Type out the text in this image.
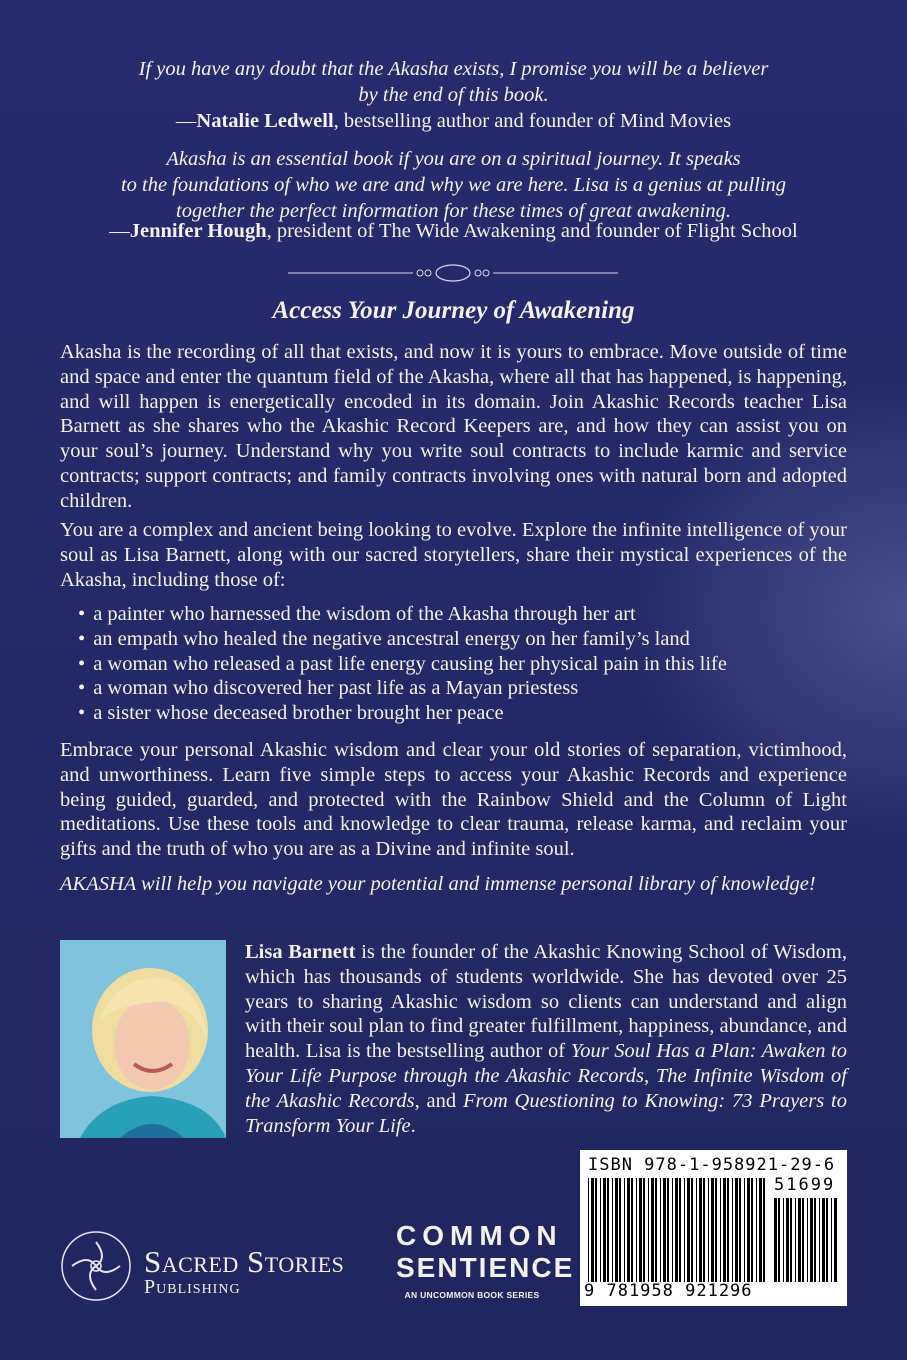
If you have any doubt that the Akasha exists, I promise you will be a believer
by the end of this book.
—Natalie Ledwell, bestselling author and founder of Mind Movies
Akasha is an essential book if you are on a spiritual journey. It speaks
to the foundations of who we are and why we are here. Lisa is a genius at pulling
together the perfect information for these times of great awakening.
—Jennifer Hough, president of The Wide Awakening and founder of Flight School
Access Your Journey of Awakening
Akasha is the recording of all that exists, and now it is yours to embrace. Move outside of time and space and enter the quantum field of the Akasha, where all that has happened, is happening, and will happen is energetically encoded in its domain. Join Akashic Records teacher Lisa Barnett as she shares who the Akashic Record Keepers are, and how they can assist you on your soul’s journey. Understand why you write soul contracts to include karmic and service contracts; support contracts; and family contracts involving ones with natural born and adopted children.
You are a complex and ancient being looking to evolve. Explore the infinite intelligence of your soul as Lisa Barnett, along with our sacred storytellers, share their mystical experiences of the Akasha, including those of:
• a painter who harnessed the wisdom of the Akasha through her art
• an empath who healed the negative ancestral energy on her family’s land
• a woman who released a past life energy causing her physical pain in this life
• a woman who discovered her past life as a Mayan priestess
• a sister whose deceased brother brought her peace
Embrace your personal Akashic wisdom and clear your old stories of separation, victimhood, and unworthiness. Learn five simple steps to access your Akashic Records and experience being guided, guarded, and protected with the Rainbow Shield and the Column of Light meditations. Use these tools and knowledge to clear trauma, release karma, and reclaim your gifts and the truth of who you are as a Divine and infinite soul.
AKASHA will help you navigate your potential and immense personal library of knowledge!
Lisa Barnett is the founder of the Akashic Knowing School of Wisdom, which has thousands of students worldwide. She has devoted over 25 years to sharing Akashic wisdom so clients can understand and align with their soul plan to find greater fulfillment, happiness, abundance, and health. Lisa is the bestselling author of Your Soul Has a Plan: Awaken to Your Life Purpose through the Akashic Records, The Infinite Wisdom of the Akashic Records, and From Questioning to Knowing: 73 Prayers to Transform Your Life.
Sacred Stories
Publishing
COMMON
SENTIENCE
AN UNCOMMON BOOK SERIES
ISBN 978-1-958921-29-6
51699
9 781958 921296
